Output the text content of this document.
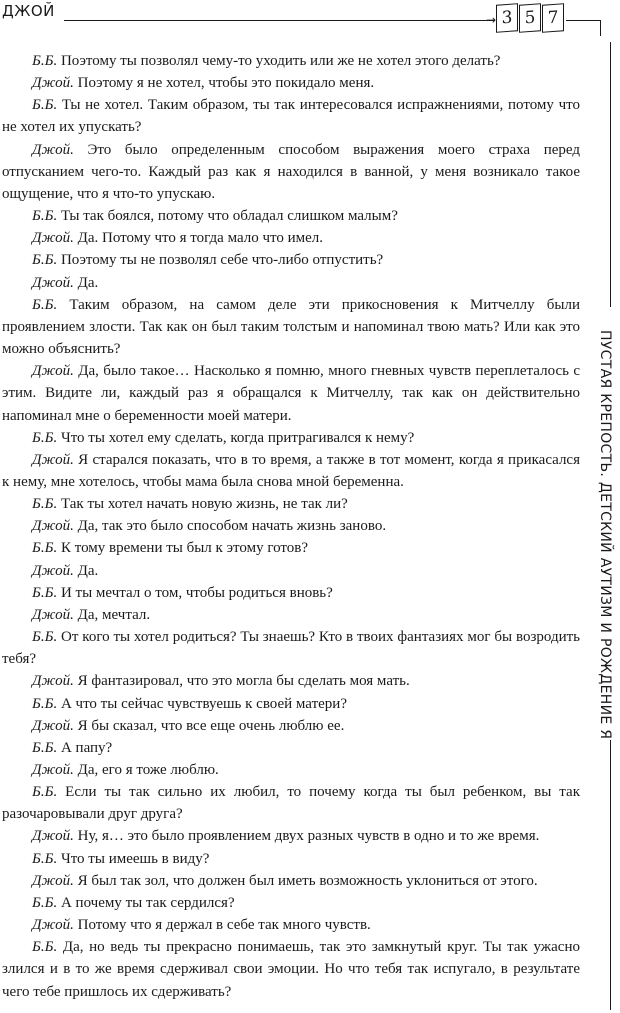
ДЖОЙ	→ 3 5 7
ПУСТАЯ КРЕПОСТЬ. ДЕТСКИЙ АУТИЗМ И РОЖДЕНИЕ Я

Б.Б. Поэтому ты позволял чему-то уходить или же не хотел этого делать?

Джой. Поэтому я не хотел, чтобы это покидало меня.

Б.Б. Ты не хотел. Таким образом, ты так интересовался испражнениями, потому что не хотел их упускать?

Джой. Это было определенным способом выражения моего страха перед отпусканием чего-то. Каждый раз как я находился в ванной, у меня возникало такое ощущение, что я что-то упускаю.

Б.Б. Ты так боялся, потому что обладал слишком малым?

Джой. Да. Потому что я тогда мало что имел.

Б.Б. Поэтому ты не позволял себе что-либо отпустить?

Джой. Да.

Б.Б. Таким образом, на самом деле эти прикосновения к Митчеллу были проявлением злости. Так как он был таким толстым и напоминал твою мать? Или как это можно объяснить?

Джой. Да, было такое… Насколько я помню, много гневных чувств переплеталось с этим. Видите ли, каждый раз я обращался к Митчеллу, так как он действительно напоминал мне о беременности моей матери.

Б.Б. Что ты хотел ему сделать, когда притрагивался к нему?

Джой. Я старался показать, что в то время, а также в тот момент, когда я прикасался к нему, мне хотелось, чтобы мама была снова мной беременна.

Б.Б. Так ты хотел начать новую жизнь, не так ли?

Джой. Да, так это было способом начать жизнь заново.

Б.Б. К тому времени ты был к этому готов?

Джой. Да.

Б.Б. И ты мечтал о том, чтобы родиться вновь?

Джой. Да, мечтал.

Б.Б. От кого ты хотел родиться? Ты знаешь? Кто в твоих фантазиях мог бы возродить тебя?

Джой. Я фантазировал, что это могла бы сделать моя мать.

Б.Б. А что ты сейчас чувствуешь к своей матери?

Джой. Я бы сказал, что все еще очень люблю ее.

Б.Б. А папу?

Джой. Да, его я тоже люблю.

Б.Б. Если ты так сильно их любил, то почему когда ты был ребенком, вы так разочаровывали друг друга?

Джой. Ну, я… это было проявлением двух разных чувств в одно и то же время.

Б.Б. Что ты имеешь в виду?

Джой. Я был так зол, что должен был иметь возможность уклониться от этого.

Б.Б. А почему ты так сердился?

Джой. Потому что я держал в себе так много чувств.

Б.Б. Да, но ведь ты прекрасно понимаешь, так это замкнутый круг. Ты так ужасно злился и в то же время сдерживал свои эмоции. Но что тебя так испугало, в результате чего тебе пришлось их сдерживать?
